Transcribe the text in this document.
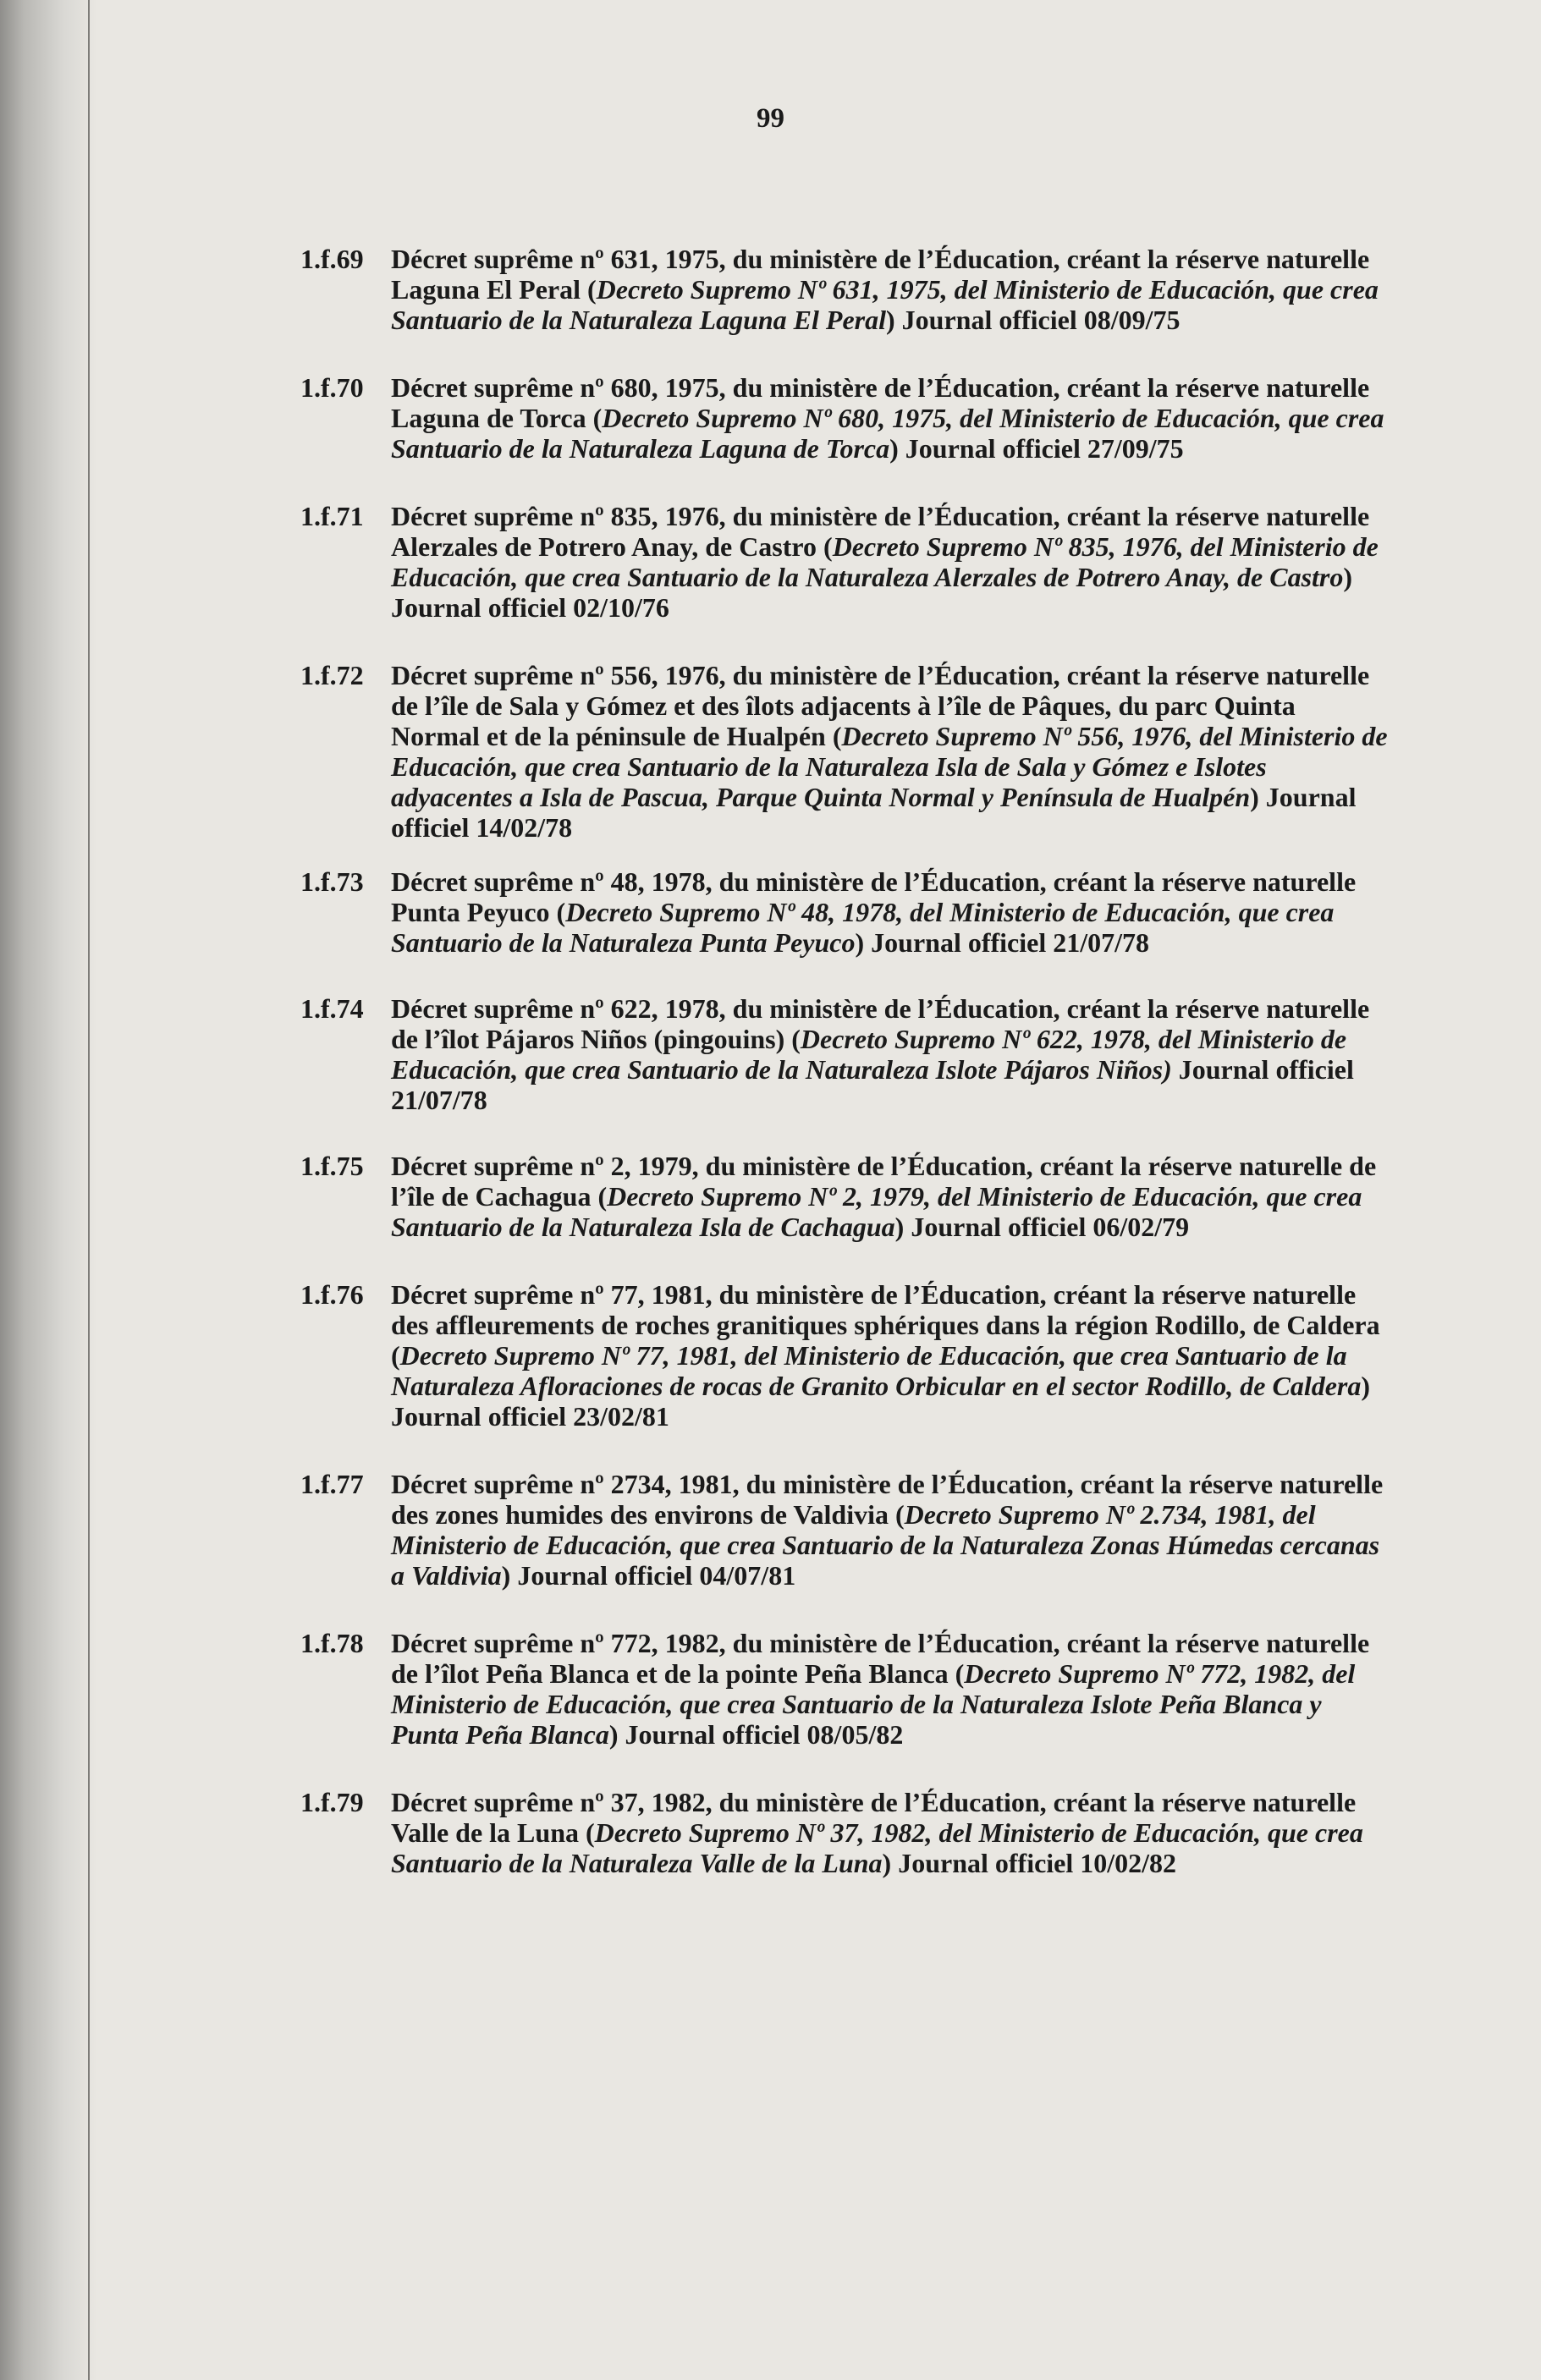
99
1.f.69	Décret suprême nº 631, 1975, du ministère de l’Éducation, créant la réserve naturelle Laguna El Peral (Decreto Supremo Nº 631, 1975, del Ministerio de Educación, que crea Santuario de la Naturaleza Laguna El Peral) Journal officiel 08/09/75
1.f.70	Décret suprême nº 680, 1975, du ministère de l’Éducation, créant la réserve naturelle Laguna de Torca (Decreto Supremo Nº 680, 1975, del Ministerio de Educación, que crea Santuario de la Naturaleza Laguna de Torca) Journal officiel 27/09/75
1.f.71	Décret suprême nº 835, 1976, du ministère de l’Éducation, créant la réserve naturelle Alerzales de Potrero Anay, de Castro (Decreto Supremo Nº 835, 1976, del Ministerio de Educación, que crea Santuario de la Naturaleza Alerzales de Potrero Anay, de Castro) Journal officiel 02/10/76
1.f.72	Décret suprême nº 556, 1976, du ministère de l’Éducation, créant la réserve naturelle de l’île de Sala y Gómez et des îlots adjacents à l’île de Pâques, du parc Quinta Normal et de la péninsule de Hualpén (Decreto Supremo Nº 556, 1976, del Ministerio de Educación, que crea Santuario de la Naturaleza Isla de Sala y Gómez e Islotes adyacentes a Isla de Pascua, Parque Quinta Normal y Península de Hualpén) Journal officiel 14/02/78
1.f.73	Décret suprême nº 48, 1978, du ministère de l’Éducation, créant la réserve naturelle Punta Peyuco (Decreto Supremo Nº 48, 1978, del Ministerio de Educación, que crea Santuario de la Naturaleza Punta Peyuco) Journal officiel 21/07/78
1.f.74	Décret suprême nº 622, 1978, du ministère de l’Éducation, créant la réserve naturelle de l’îlot Pájaros Niños (pingouins) (Decreto Supremo Nº 622, 1978, del Ministerio de Educación, que crea Santuario de la Naturaleza Islote Pájaros Niños) Journal officiel 21/07/78
1.f.75	Décret suprême nº 2, 1979, du ministère de l’Éducation, créant la réserve naturelle de l’île de Cachagua (Decreto Supremo Nº 2, 1979, del Ministerio de Educación, que crea Santuario de la Naturaleza Isla de Cachagua) Journal officiel 06/02/79
1.f.76	Décret suprême nº 77, 1981, du ministère de l’Éducation, créant la réserve naturelle des affleurements de roches granitiques sphériques dans la région Rodillo, de Caldera (Decreto Supremo Nº 77, 1981, del Ministerio de Educación, que crea Santuario de la Naturaleza Afloraciones de rocas de Granito Orbicular en el sector Rodillo, de Caldera) Journal officiel 23/02/81
1.f.77	Décret suprême nº 2734, 1981, du ministère de l’Éducation, créant la réserve naturelle des zones humides des environs de Valdivia (Decreto Supremo Nº 2.734, 1981, del Ministerio de Educación, que crea Santuario de la Naturaleza Zonas Húmedas cercanas a Valdivia) Journal officiel 04/07/81
1.f.78	Décret suprême nº 772, 1982, du ministère de l’Éducation, créant la réserve naturelle de l’îlot Peña Blanca et de la pointe Peña Blanca (Decreto Supremo Nº 772, 1982, del Ministerio de Educación, que crea Santuario de la Naturaleza Islote Peña Blanca y Punta Peña Blanca) Journal officiel 08/05/82
1.f.79	Décret suprême nº 37, 1982, du ministère de l’Éducation, créant la réserve naturelle Valle de la Luna (Decreto Supremo Nº 37, 1982, del Ministerio de Educación, que crea Santuario de la Naturaleza Valle de la Luna) Journal officiel 10/02/82
